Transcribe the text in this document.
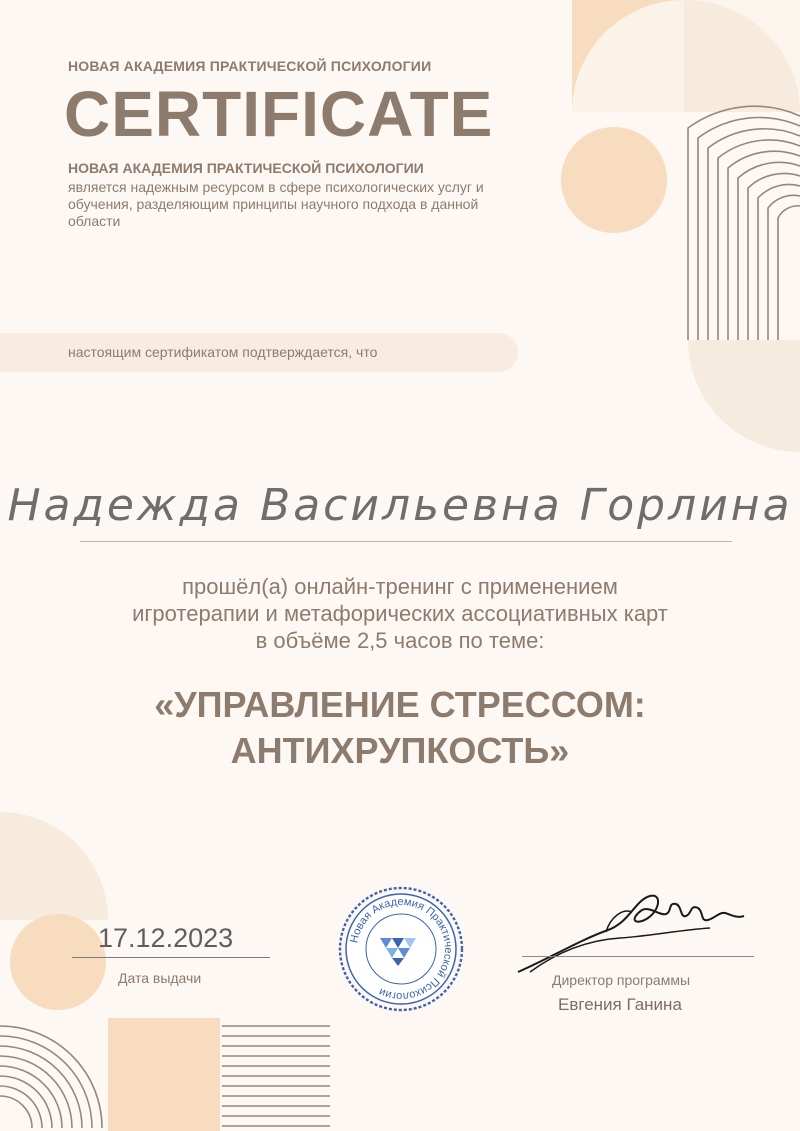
НОВАЯ АКАДЕМИЯ ПРАКТИЧЕСКОЙ ПСИХОЛОГИИ
CERTIFICATE
НОВАЯ АКАДЕМИЯ ПРАКТИЧЕСКОЙ ПСИХОЛОГИИ
является надежным ресурсом в сфере психологических услуг и обучения, разделяющим принципы научного подхода в данной области
настоящим сертификатом подтверждается, что
Надежда Васильевна Горлина
прошёл(а) онлайн-тренинг с применением
игротерапии и метафорических ассоциативных карт
в объёме 2,5 часов по теме:
«УПРАВЛЕНИЕ СТРЕССОМ:
АНТИХРУПКОСТЬ»
17.12.2023
Дата выдачи
Новая Академия Практической Психологии
Директор программы
Евгения Ганина
